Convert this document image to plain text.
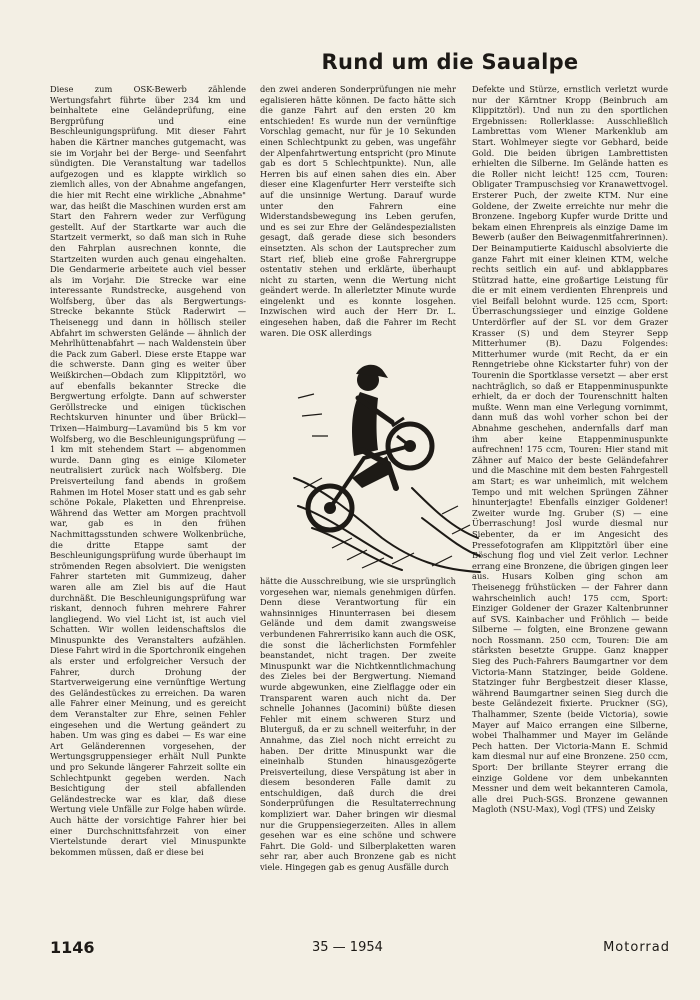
Rund um die Saualpe

Diese zum OSK-Bewerb zählende Wertungsfahrt führte über 234 km und beinhaltete eine Geländeprüfung, eine Bergprüfung und eine Beschleunigungsprüfung. Mit dieser Fahrt haben die Kärtner manches gutgemacht, was sie im Vorjahr bei der Berge- und Seenfahrt sündigten. Die Veranstaltung war tadellos aufgezogen und es klappte wirklich so ziemlich alles, von der Abnahme angefangen, die hier mit Recht eine wirkliche „Abnahme" war, das heißt die Maschinen wurden erst am Start den Fahrern weder zur Verfügung gestellt. Auf der Startkarte war auch die Startzeit vermerkt, so daß man sich in Ruhe den Fahrplan ausrechnen konnte, die Startzeiten wurden auch genau eingehalten. Die Gendarmerie arbeitete auch viel besser als im Vorjahr. Die Strecke war eine interessante Rundstrecke, ausgehend von Wolfsberg, über das als Bergwertungs-Strecke bekannte Stück Raderwirt — Theisenegg und dann in höllisch steiler Abfahrt im schwersten Gelände — ähnlich der Mehrlhüttenabfahrt — nach Waldenstein über die Pack zum Gaberl. Diese erste Etappe war die schwerste. Dann ging es weiter über Weißkirchen—Obdach zum Klippitztörl, wo auf ebenfalls bekannter Strecke die Bergwertung erfolgte. Dann auf schwerster Geröllstrecke und einigen tückischen Rechtskurven hinunter und über Brückl—Trixen—Haimburg—Lavamünd bis 5 km vor Wolfsberg, wo die Beschleunigungsprüfung — 1 km mit stehendem Start — abgenommen wurde. Dann ging es einige Kilometer neutralisiert zurück nach Wolfsberg. Die Preisverteilung fand abends in großem Rahmen im Hotel Moser statt und es gab sehr schöne Pokale, Plaketten und Ehrenpreise. Während das Wetter am Morgen prachtvoll war, gab es in den frühen Nachmittagsstunden schwere Wolkenbrüche, die dritte Etappe samt der Beschleunigungsprüfung wurde überhaupt im strömenden Regen absolviert. Die wenigsten Fahrer starteten mit Gummizeug, daher waren alle am Ziel bis auf die Haut durchnäßt. Die Beschleunigungsprüfung war riskant, dennoch fuhren mehrere Fahrer langliegend. Wo viel Licht ist, ist auch viel Schatten. Wir wollen leidenschaftslos die Minuspunkte des Veranstalters aufzählen. Diese Fahrt wird in die Sportchronik eingehen als erster und erfolgreicher Versuch der Fahrer, durch Drohung der Startverweigerung eine vernünftige Wertung des Geländestückes zu erreichen. Da waren alle Fahrer einer Meinung, und es gereicht dem Veranstalter zur Ehre, seinen Fehler eingesehen und die Wertung geändert zu haben. Um was ging es dabei — Es war eine Art Geländerennen vorgesehen, der Wertungsgruppensieger erhält Null Punkte und pro Sekunde längerer Fahrzeit sollte ein Schlechtpunkt gegeben werden. Nach Besichtigung der steil abfallenden Geländestrecke war es klar, daß diese Wertung viele Unfälle zur Folge haben würde. Auch hätte der vorsichtige Fahrer hier bei einer Durchschnittsfahrzeit von einer Viertelstunde derart viel Minuspunkte bekommen müssen, daß er diese bei

den zwei anderen Sonderprüfungen nie mehr egalisieren hätte können. De facto hätte sich die ganze Fahrt auf den ersten 20 km entschieden! Es wurde nun der vernünftige Vorschlag gemacht, nur für je 10 Sekunden einen Schlechtpunkt zu geben, was ungefähr der Alpenfahrtwertung entspricht (pro Minute gab es dort 5 Schlechtpunkte). Nun, alle Herren bis auf einen sahen dies ein. Aber dieser eine Klagenfurter Herr versteifte sich auf die unsinnige Wertung. Darauf wurde unter den Fahrern eine Widerstandsbewegung ins Leben gerufen, und es sei zur Ehre der Geländespezialisten gesagt, daß gerade diese sich besonders einsetzten. Als schon der Lautsprecher zum Start rief, blieb eine große Fahrergruppe ostentativ stehen und erklärte, überhaupt nicht zu starten, wenn die Wertung nicht geändert werde. In allerletzter Minute wurde eingelenkt und es konnte losgehen. Inzwischen wird auch der Herr Dr. L. eingesehen haben, daß die Fahrer im Recht waren. Die OSK allerdings

hätte die Ausschreibung, wie sie ursprünglich vorgesehen war, niemals genehmigen dürfen. Denn diese Verantwortung für ein wahnsinniges Hinunterrasen bei diesem Gelände und dem damit zwangsweise verbundenen Fahrerrisiko kann auch die OSK, die sonst die lächerlichsten Formfehler beanstandet, nicht tragen. Der zweite Minuspunkt war die Nichtkenntlichmachung des Zieles bei der Bergwertung. Niemand wurde abgewunken, eine Zielflagge oder ein Transparent waren auch nicht da. Der schnelle Johannes (Jacomini) büßte diesen Fehler mit einem schweren Sturz und Bluterguß, da er zu schnell weiterfuhr, in der Annahme, das Ziel noch nicht erreicht zu haben. Der dritte Minuspunkt war die eineinhalb Stunden hinausgezögerte Preisverteilung, diese Verspätung ist aber in diesem besonderen Falle damit zu entschuldigen, daß durch die drei Sonderprüfungen die Resultaterrechnung kompliziert war. Daher bringen wir diesmal nur die Gruppensiegerzeiten. Alles in allem gesehen war es eine schöne und schwere Fahrt. Die Gold- und Silberplaketten waren sehr rar, aber auch Bronzene gab es nicht viele. Hingegen gab es genug Ausfälle durch

Defekte und Stürze, ernstlich verletzt wurde nur der Kärntner Kropp (Beinbruch am Klippitztörl). Und nun zu den sportlichen Ergebnissen: Rollerklasse: Ausschließlich Lambrettas vom Wiener Markenklub am Start. Wohlmeyer siegte vor Gebhard, beide Gold. Die beiden übrigen Lambrettisten erhielten die Silberne. Im Gelände hatten es die Roller nicht leicht! 125 ccm, Touren: Obligater Trampuschsieg vor Kranawettvogel. Ersterer Puch, der zweite KTM. Nur eine Goldene, der Zweite erreichte nur mehr die Bronzene. Ingeborg Kupfer wurde Dritte und bekam einen Ehrenpreis als einzige Dame im Bewerb (außer den Beiwagenmitfahrerinnen). Der Beinamputierte Kaiduschl absolvierte die ganze Fahrt mit einer kleinen KTM, welche rechts seitlich ein auf- und abklappbares Stützrad hatte, eine großartige Leistung für die er mit einem verdienten Ehrenpreis und viel Beifall belohnt wurde. 125 ccm, Sport: Überraschungssieger und einzige Goldene Unterdörfler auf der SL vor dem Grazer Krasser (S) und dem Steyrer Sepp Mitterhumer (B). Dazu Folgendes: Mitterhumer wurde (mit Recht, da er ein Renngetriebe ohne Kickstarter fuhr) von der Tourenin die Sportklasse versetzt — aber erst nachträglich, so daß er Etappenminuspunkte erhielt, da er doch der Tourenschnitt halten mußte. Wenn man eine Verlegung vornimmt, dann muß das wohl vorher schon bei der Abnahme geschehen, andernfalls darf man ihm aber keine Etappenminuspunkte aufrechnen! 175 ccm, Touren: Hier stand mit Zähner auf Maico der beste Geländefahrer und die Maschine mit dem besten Fahrgestell am Start; es war unheimlich, mit welchem Tempo und mit welchen Sprüngen Zähner hinunterjagte! Ebenfalls einziger Goldener! Zweiter wurde Ing. Gruber (S) — eine Überraschung! Josl wurde diesmal nur Siebenter, da er im Angesicht des Pressefotografen am Klippitztörl über eine Böschung flog und viel Zeit verlor. Lechner errang eine Bronzene, die übrigen gingen leer aus. Husars Kolben ging schon am Theisenegg frühstücken — der Fahrer dann wahrscheinlich auch! 175 ccm, Sport: Einziger Goldener der Grazer Kaltenbrunner auf SVS. Kainbacher und Fröhlich — beide Silberne — folgten, eine Bronzene gewann noch Rossmann. 250 ccm, Touren: Die am stärksten besetzte Gruppe. Ganz knapper Sieg des Puch-Fahrers Baumgartner vor dem Victoria-Mann Statzinger, beide Goldene. Statzinger fuhr Bergbestzeit dieser Klasse, während Baumgartner seinen Sieg durch die beste Geländezeit fixierte. Pruckner (SG), Thalhammer, Szente (beide Victoria), sowie Mayer auf Maico errangen eine Silberne, wobei Thalhammer und Mayer im Gelände Pech hatten. Der Victoria-Mann E. Schmid kam diesmal nur auf eine Bronzene. 250 ccm, Sport: Der brillante Steyrer errang die einzige Goldene vor dem unbekannten Messner und dem weit bekannteren Camola, alle drei Puch-SGS. Bronzene gewannen Magloth (NSU-Max), Vogl (TFS) und Zeisky

1146	35 — 1954	Motorrad
